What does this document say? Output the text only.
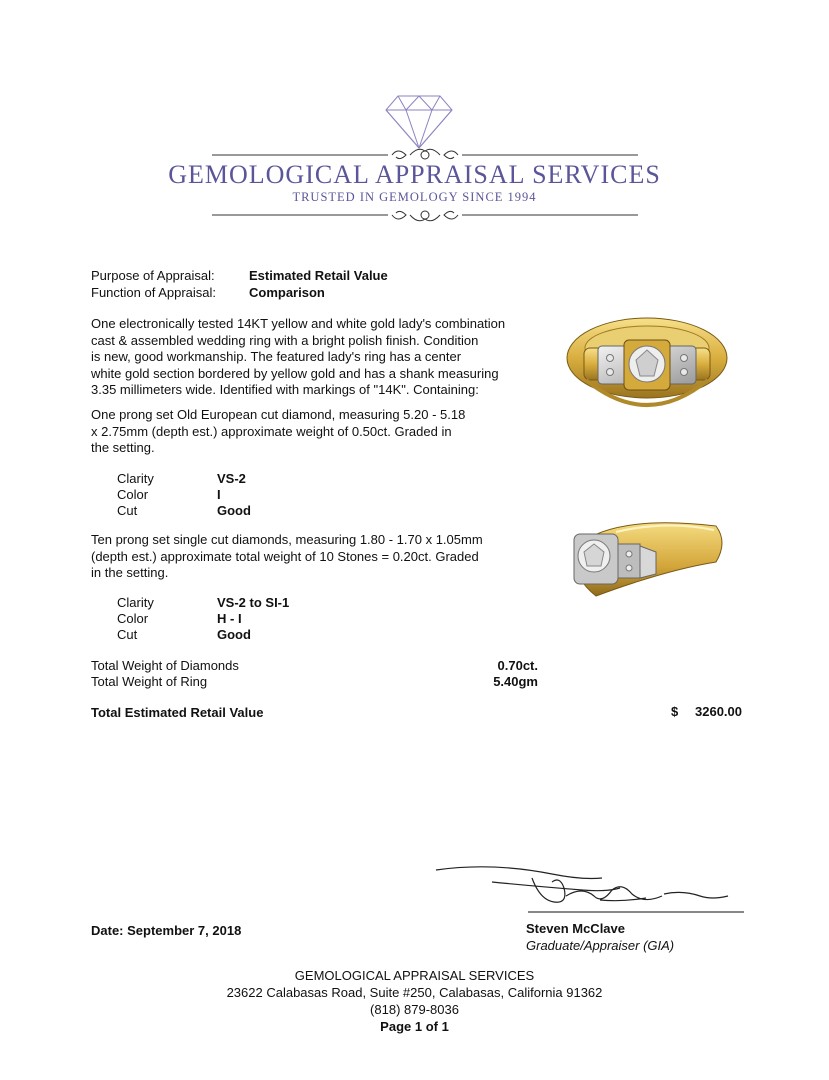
GEMOLOGICAL APPRAISAL SERVICES
TRUSTED IN GEMOLOGY SINCE 1994
Purpose of Appraisal:	Estimated Retail Value
Function of Appraisal:	Comparison
One electronically tested 14KT yellow and white gold lady's combination
cast & assembled wedding ring with a bright polish finish. Condition
is new, good workmanship. The featured lady's ring has a center
white gold section bordered by yellow gold and has a shank measuring
3.35 millimeters wide. Identified with markings of "14K". Containing:
One prong set Old European cut diamond, measuring 5.20 - 5.18
x 2.75mm (depth est.) approximate weight of 0.50ct. Graded in
the setting.
Clarity	VS-2
Color	I
Cut	Good
Ten prong set single cut diamonds, measuring 1.80 - 1.70 x 1.05mm
(depth est.) approximate total weight of 10 Stones = 0.20ct. Graded
in the setting.
Clarity	VS-2 to SI-1
Color	H - I
Cut	Good
Total Weight of Diamonds	0.70ct.
Total Weight of Ring	5.40gm
Total Estimated Retail Value	$	3260.00
Date: September 7, 2018	Steven McClave
Graduate/Appraiser (GIA)
GEMOLOGICAL APPRAISAL SERVICES
23622 Calabasas Road, Suite #250, Calabasas, California 91362
(818) 879-8036
Page 1 of 1
